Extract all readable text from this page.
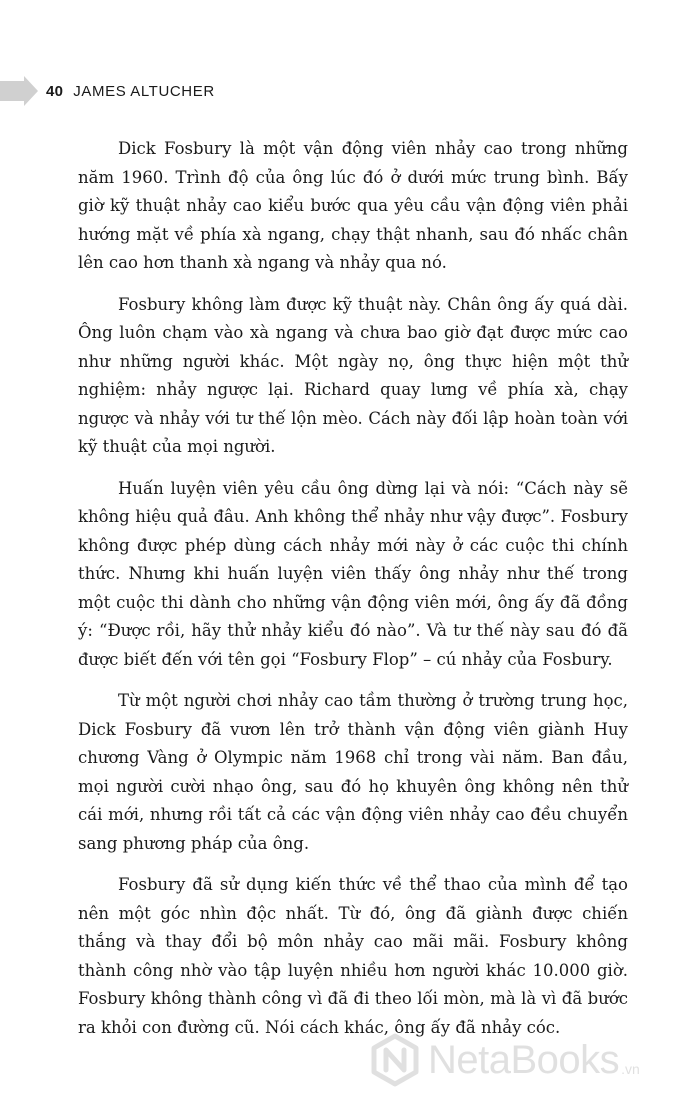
40 JAMES ALTUCHER

Dick Fosbury là một vận động viên nhảy cao trong những năm 1960. Trình độ của ông lúc đó ở dưới mức trung bình. Bấy giờ kỹ thuật nhảy cao kiểu bước qua yêu cầu vận động viên phải hướng mặt về phía xà ngang, chạy thật nhanh, sau đó nhấc chân lên cao hơn thanh xà ngang và nhảy qua nó.

Fosbury không làm được kỹ thuật này. Chân ông ấy quá dài. Ông luôn chạm vào xà ngang và chưa bao giờ đạt được mức cao như những người khác. Một ngày nọ, ông thực hiện một thử nghiệm: nhảy ngược lại. Richard quay lưng về phía xà, chạy ngược và nhảy với tư thế lộn mèo. Cách này đối lập hoàn toàn với kỹ thuật của mọi người.

Huấn luyện viên yêu cầu ông dừng lại và nói: “Cách này sẽ không hiệu quả đâu. Anh không thể nhảy như vậy được”. Fosbury không được phép dùng cách nhảy mới này ở các cuộc thi chính thức. Nhưng khi huấn luyện viên thấy ông nhảy như thế trong một cuộc thi dành cho những vận động viên mới, ông ấy đã đồng ý: “Được rồi, hãy thử nhảy kiểu đó nào”. Và tư thế này sau đó đã được biết đến với tên gọi “Fosbury Flop” – cú nhảy của Fosbury.

Từ một người chơi nhảy cao tầm thường ở trường trung học, Dick Fosbury đã vươn lên trở thành vận động viên giành Huy chương Vàng ở Olympic năm 1968 chỉ trong vài năm. Ban đầu, mọi người cười nhạo ông, sau đó họ khuyên ông không nên thử cái mới, nhưng rồi tất cả các vận động viên nhảy cao đều chuyển sang phương pháp của ông.

Fosbury đã sử dụng kiến thức về thể thao của mình để tạo nên một góc nhìn độc nhất. Từ đó, ông đã giành được chiến thắng và thay đổi bộ môn nhảy cao mãi mãi. Fosbury không thành công nhờ vào tập luyện nhiều hơn người khác 10.000 giờ. Fosbury không thành công vì đã đi theo lối mòn, mà là vì đã bước ra khỏi con đường cũ. Nói cách khác, ông ấy đã nhảy cóc.

NetaBooks .vn
